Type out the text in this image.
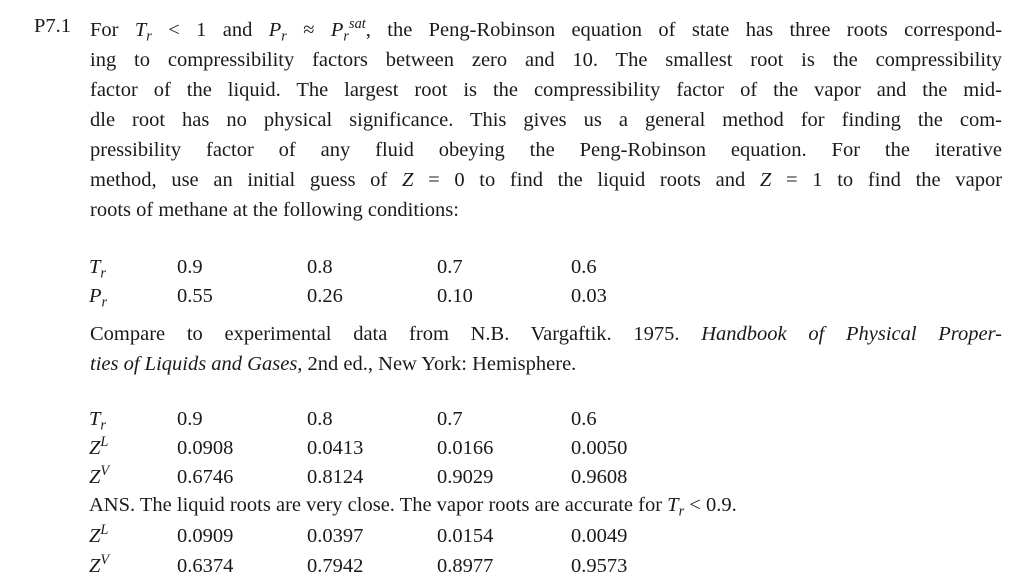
P7.1 For $T_r < 1$ and $P_r \approx P_r^{sat}$, the Peng-Robinson equation of state has three roots correspond-
ing to compressibility factors between zero and 10. The smallest root is the compressibility
factor of the liquid. The largest root is the compressibility factor of the vapor and the mid-
dle root has no physical significance. This gives us a general method for finding the com-
pressibility factor of any fluid obeying the Peng-Robinson equation. For the iterative
method, use an initial guess of Z = 0 to find the liquid roots and Z = 1 to find the vapor
roots of methane at the following conditions:
$T_r$	0.9	0.8	0.7	0.6
$P_r$	0.55	0.26	0.10	0.03
Compare to experimental data from N.B. Vargaftik. 1975. Handbook of Physical Proper-
ties of Liquids and Gases, 2nd ed., New York: Hemisphere.
$T_r$	0.9	0.8	0.7	0.6
$Z^L$	0.0908	0.0413	0.0166	0.0050
$Z^V$	0.6746	0.8124	0.9029	0.9608
ANS. The liquid roots are very close. The vapor roots are accurate for $T_r < 0.9$.
$Z^L$	0.0909	0.0397	0.0154	0.0049
$Z^V$	0.6374	0.7942	0.8977	0.9573
